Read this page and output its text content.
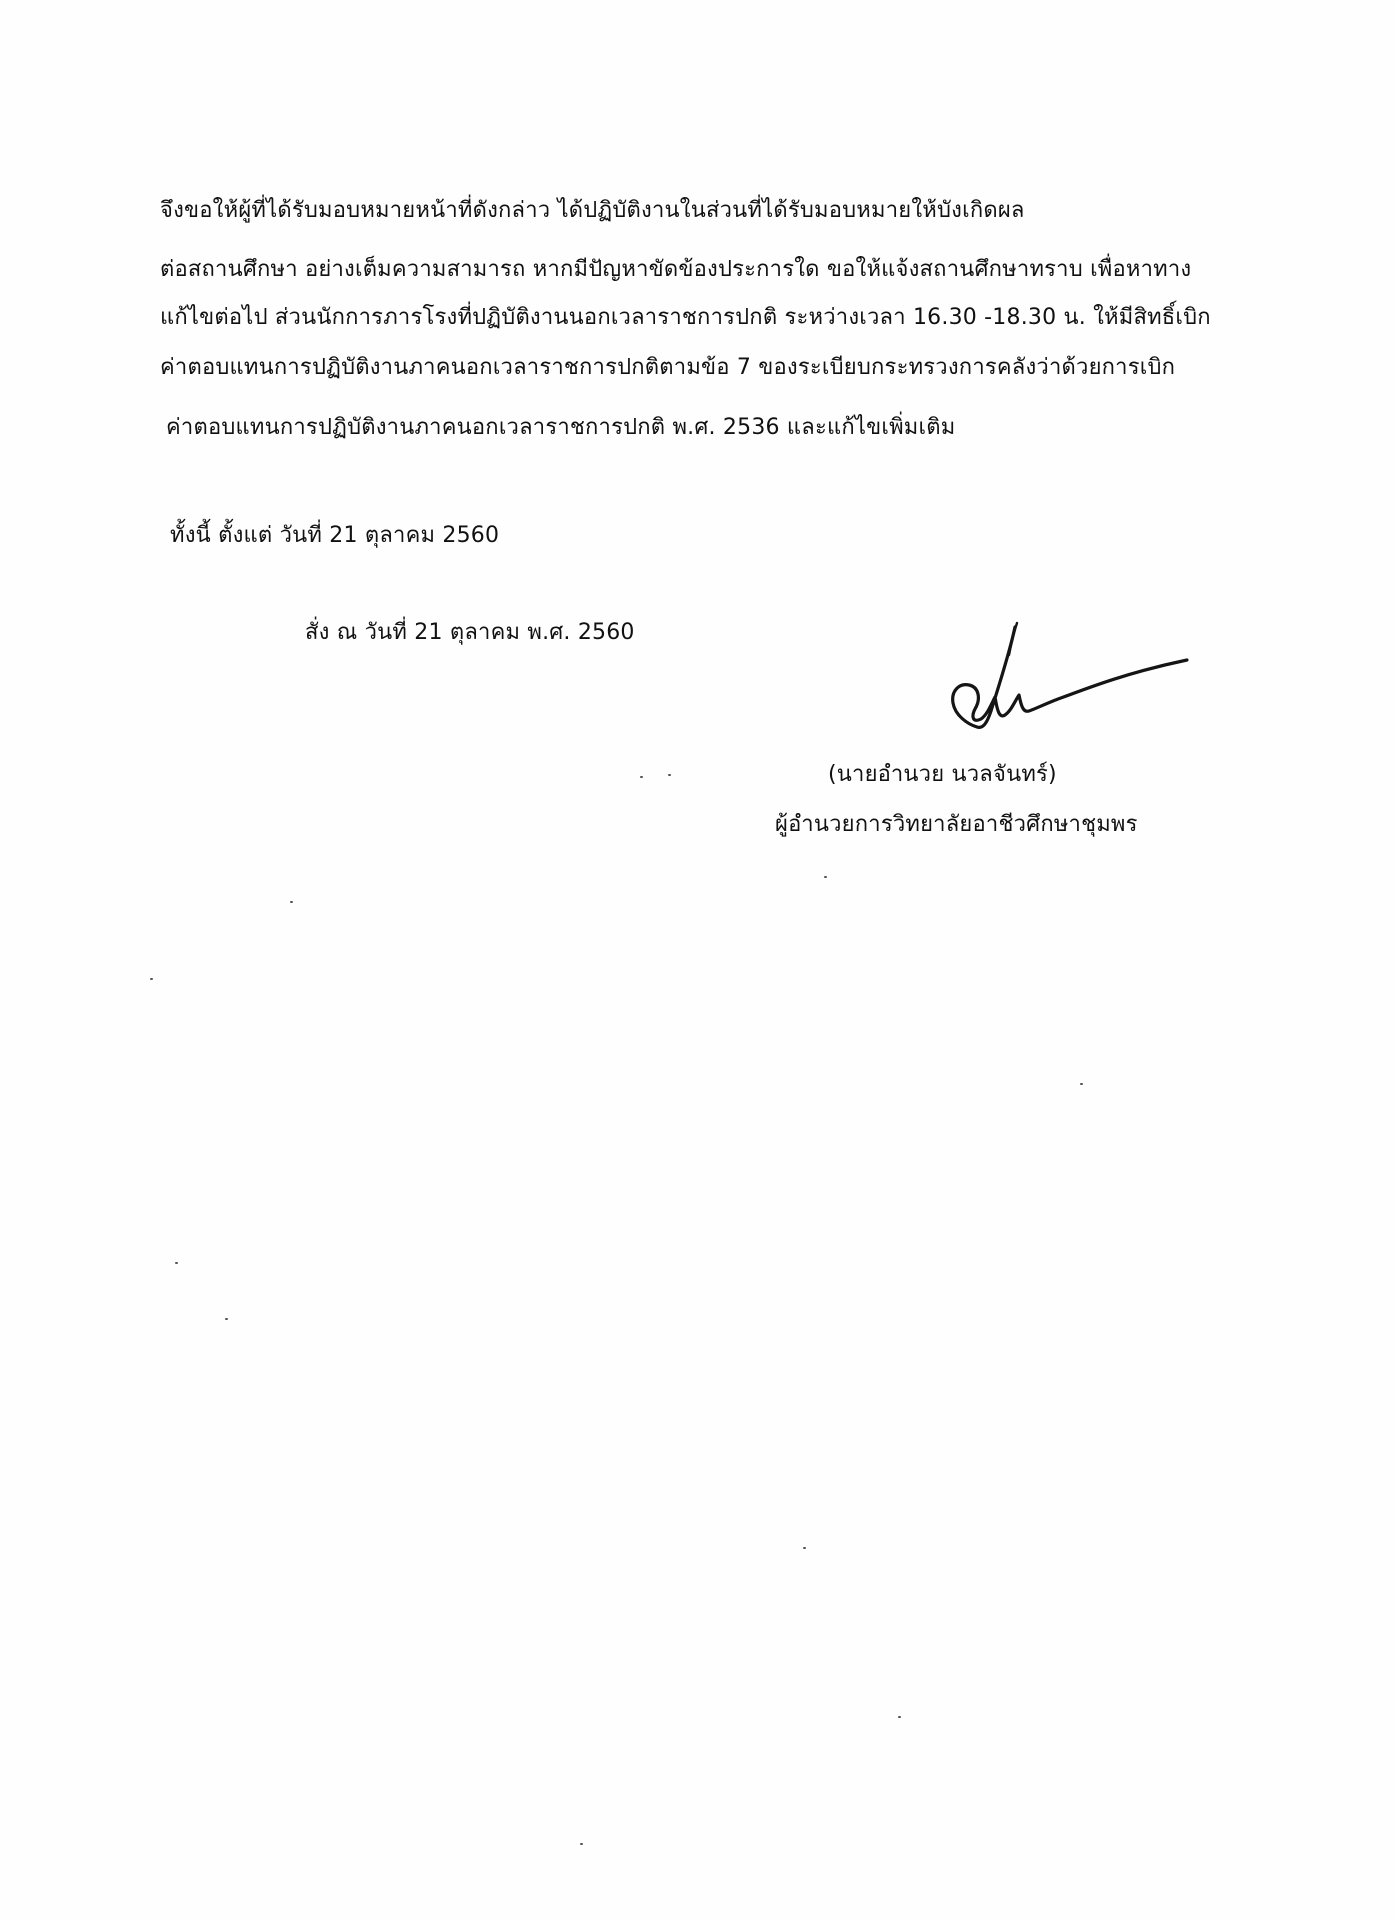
จึงขอให้ผู้ที่ได้รับมอบหมายหน้าที่ดังกล่าว ได้ปฏิบัติงานในส่วนที่ได้รับมอบหมายให้บังเกิดผล
ต่อสถานศึกษา อย่างเต็มความสามารถ หากมีปัญหาขัดข้องประการใด ขอให้แจ้งสถานศึกษาทราบ เพื่อหาทาง
แก้ไขต่อไป ส่วนนักการภารโรงที่ปฏิบัติงานนอกเวลาราชการปกติ ระหว่างเวลา 16.30 -18.30 น. ให้มีสิทธิ์เบิก
ค่าตอบแทนการปฏิบัติงานภาคนอกเวลาราชการปกติตามข้อ 7 ของระเบียบกระทรวงการคลังว่าด้วยการเบิก
ค่าตอบแทนการปฏิบัติงานภาคนอกเวลาราชการปกติ พ.ศ. 2536 และแก้ไขเพิ่มเติม
ทั้งนี้ ตั้งแต่ วันที่ 21 ตุลาคม 2560
สั่ง ณ วันที่ 21 ตุลาคม พ.ศ. 2560
(นายอำนวย นวลจันทร์)
ผู้อำนวยการวิทยาลัยอาชีวศึกษาชุมพร
